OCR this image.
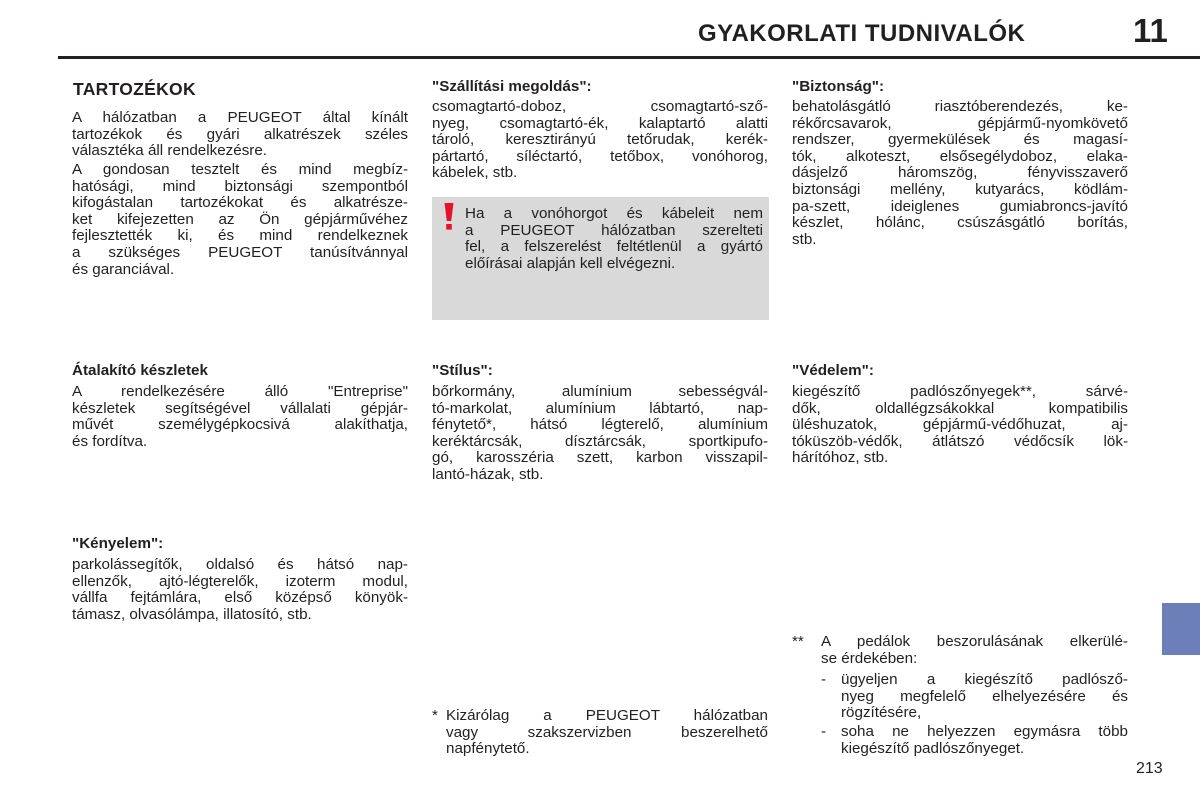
GYAKORLATI TUDNIVALÓK	11
TARTOZÉKOK
A hálózatban a PEUGEOT által kínált
tartozékok és gyári alkatrészek széles
választéka áll rendelkezésre.
A gondosan tesztelt és mind megbíz-
hatósági, mind biztonsági szempontból
kifogástalan tartozékokat és alkatrésze-
ket kifejezetten az Ön gépjárművéhez
fejlesztették ki, és mind rendelkeznek
a szükséges PEUGEOT tanúsítvánnyal
és garanciával.
Átalakító készletek
A rendelkezésére álló "Entreprise"
készletek segítségével vállalati gépjár-
művét személygépkocsivá alakíthatja,
és fordítva.
"Kényelem":
parkolássegítők, oldalsó és hátsó nap-
ellenzők, ajtó-légterelők, izoterm modul,
vállfa fejtámlára, első középső könyök-
támasz, olvasólámpa, illatosító, stb.
"Szállítási megoldás":
csomagtartó-doboz, csomagtartó-sző-
nyeg, csomagtartó-ék, kalaptartó alatti
tároló, keresztirányú tetőrudak, kerék-
pártartó, síléctartó, tetőbox, vonóhorog,
kábelek, stb.
Ha a vonóhorgot és kábeleit nem
a PEUGEOT hálózatban szerelteti
fel, a felszerelést feltétlenül a gyártó
előírásai alapján kell elvégezni.
"Stílus":
bőrkormány, alumínium sebességvál-
tó-markolat, alumínium lábtartó, nap-
fénytető*, hátsó légterelő, alumínium
keréktárcsák, dísztárcsák, sportkipufo-
gó, karosszéria szett, karbon visszapil-
lantó-házak, stb.
* Kizárólag a PEUGEOT hálózatban
vagy szakszervizben beszerelhető
napfénytető.
"Biztonság":
behatolásgátló riasztóberendezés, ke-
rékőrcsavarok, gépjármű-nyomkövető
rendszer, gyermekülések és magasí-
tók, alkoteszt, elsősegélydoboz, elaka-
dásjelző háromszög, fényvisszaverő
biztonsági mellény, kutyarács, ködlám-
pa-szett, ideiglenes gumiabroncs-javító
készlet, hólánc, csúszásgátló borítás,
stb.
"Védelem":
kiegészítő padlószőnyegek**, sárvé-
dők, oldallégzsákokkal kompatibilis
üléshuzatok, gépjármű-védőhuzat, aj-
tóküszöb-védők, átlátszó védőcsík lök-
hárítóhoz, stb.
** A pedálok beszorulásának elkerülé-
se érdekében:
- ügyeljen a kiegészítő padlósző-
nyeg megfelelő elhelyezésére és
rögzítésére,
- soha ne helyezzen egymásra több
kiegészítő padlószőnyeget.
213
